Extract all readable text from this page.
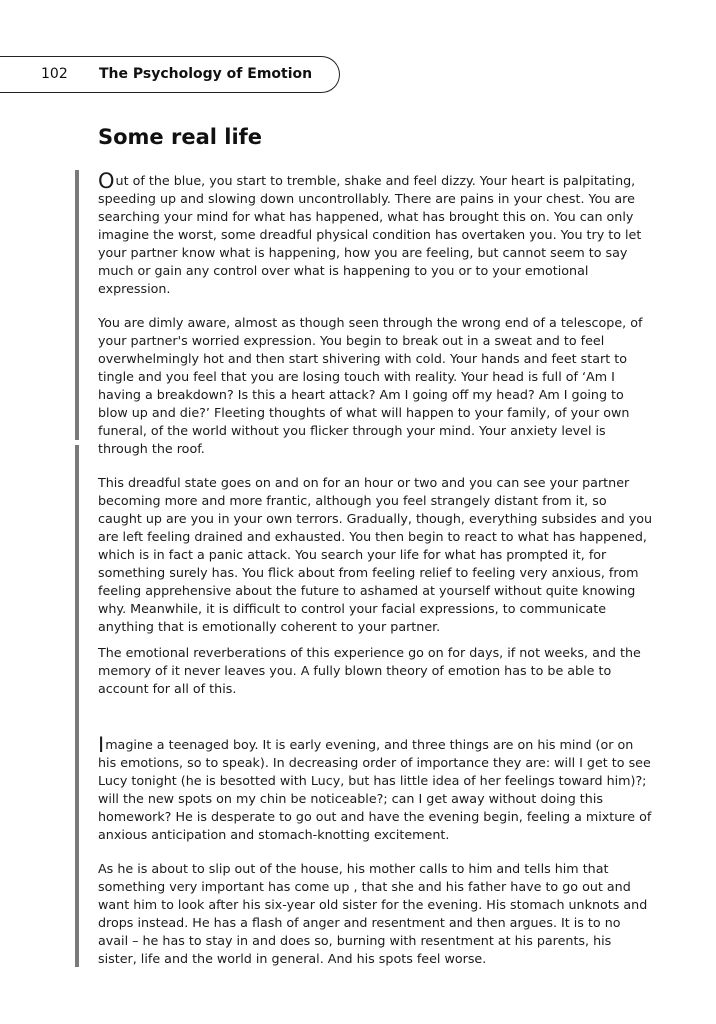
102 The Psychology of Emotion
Some real life

Out of the blue, you start to tremble, shake and feel dizzy. Your heart is palpitating, speeding up and slowing down uncontrollably. There are pains in your chest. You are searching your mind for what has happened, what has brought this on. You can only imagine the worst, some dreadful physical condition has overtaken you. You try to let your partner know what is happening, how you are feeling, but cannot seem to say much or gain any control over what is happening to you or to your emotional expression.

You are dimly aware, almost as though seen through the wrong end of a telescope, of your partner's worried expression. You begin to break out in a sweat and to feel overwhelmingly hot and then start shivering with cold. Your hands and feet start to tingle and you feel that you are losing touch with reality. Your head is full of ‘Am I having a breakdown? Is this a heart attack? Am I going off my head? Am I going to blow up and die?’ Fleeting thoughts of what will happen to your family, of your own funeral, of the world without you flicker through your mind. Your anxiety level is through the roof.

This dreadful state goes on and on for an hour or two and you can see your partner becoming more and more frantic, although you feel strangely distant from it, so caught up are you in your own terrors. Gradually, though, everything subsides and you are left feeling drained and exhausted. You then begin to react to what has happened, which is in fact a panic attack. You search your life for what has prompted it, for something surely has. You flick about from feeling relief to feeling very anxious, from feeling apprehensive about the future to ashamed at yourself without quite knowing why. Meanwhile, it is difficult to control your facial expressions, to communicate anything that is emotionally coherent to your partner.

The emotional reverberations of this experience go on for days, if not weeks, and the memory of it never leaves you. A fully blown theory of emotion has to be able to account for all of this.

Imagine a teenaged boy. It is early evening, and three things are on his mind (or on his emotions, so to speak). In decreasing order of importance they are: will I get to see Lucy tonight (he is besotted with Lucy, but has little idea of her feelings toward him)?; will the new spots on my chin be noticeable?; can I get away without doing this homework? He is desperate to go out and have the evening begin, feeling a mixture of anxious anticipation and stomach-knotting excitement.

As he is about to slip out of the house, his mother calls to him and tells him that something very important has come up , that she and his father have to go out and want him to look after his six-year old sister for the evening. His stomach unknots and drops instead. He has a flash of anger and resentment and then argues. It is to no avail – he has to stay in and does so, burning with resentment at his parents, his sister, life and the world in general. And his spots feel worse.
